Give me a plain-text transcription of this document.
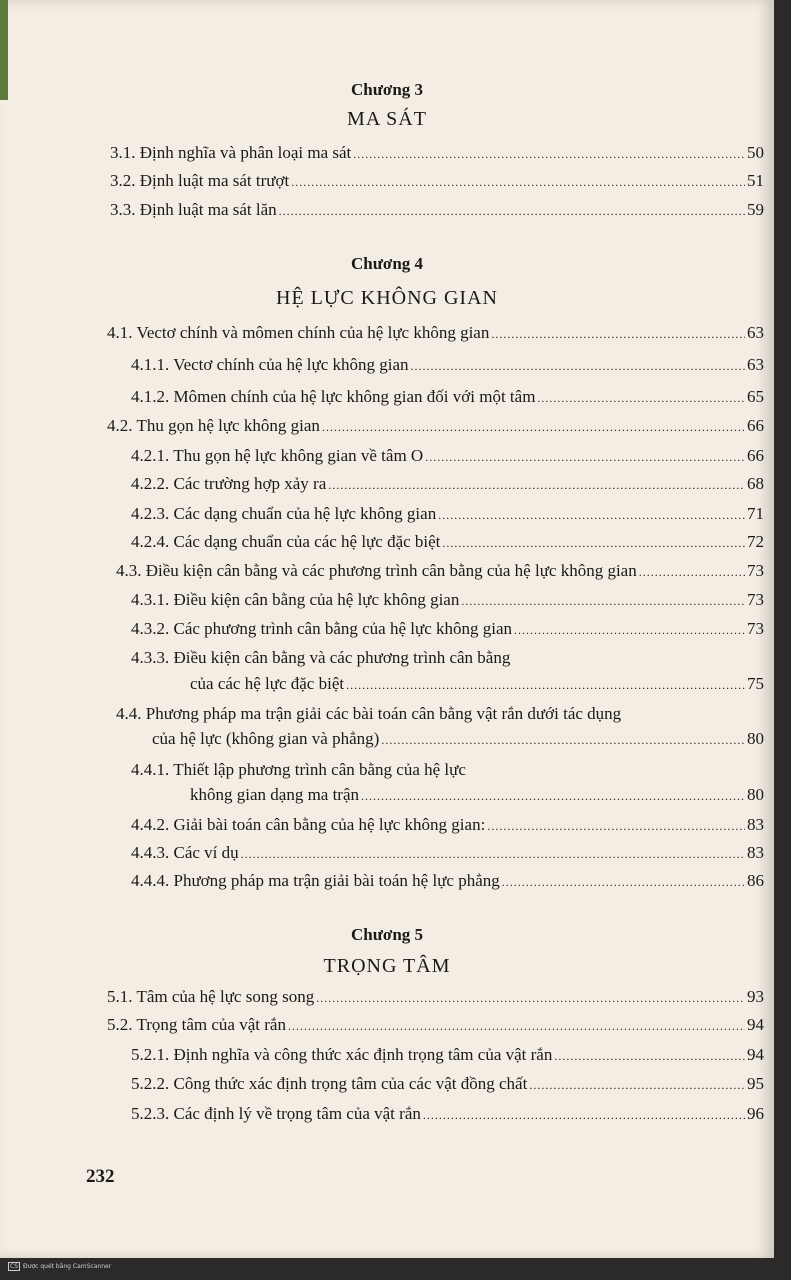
Chương 3
MA SÁT
3.1. Định nghĩa và phân loại ma sát .....	50
3.2. Định luật ma sát trượt .....	51
3.3. Định luật ma sát lăn .....	59
Chương 4
HỆ LỰC KHÔNG GIAN
4.1. Vectơ chính và mômen chính của hệ lực không gian .....	63
4.1.1. Vectơ chính của hệ lực không gian .....	63
4.1.2. Mômen chính của hệ lực không gian đối với một tâm .....	65
4.2. Thu gọn hệ lực không gian .....	66
4.2.1. Thu gọn hệ lực không gian về tâm O .....	66
4.2.2. Các trường hợp xảy ra .....	68
4.2.3. Các dạng chuẩn của hệ lực không gian .....	71
4.2.4. Các dạng chuẩn của các hệ lực đặc biệt .....	72
4.3. Điều kiện cân bằng và các phương trình cân bằng của hệ lực không gian .....	73
4.3.1. Điều kiện cân bằng của hệ lực không gian .....	73
4.3.2. Các phương trình cân bằng của hệ lực không gian .....	73
4.3.3. Điều kiện cân bằng và các phương trình cân bằng
của các hệ lực đặc biệt .....	75
4.4. Phương pháp ma trận giải các bài toán cân bằng vật rắn dưới tác dụng
của hệ lực (không gian và phẳng) .....	80
4.4.1. Thiết lập phương trình cân bằng của hệ lực
không gian dạng ma trận .....	80
4.4.2. Giải bài toán cân bằng của hệ lực không gian: .....	83
4.4.3. Các ví dụ .....	83
4.4.4. Phương pháp ma trận giải bài toán hệ lực phẳng .....	86
Chương 5
TRỌNG TÂM
5.1. Tâm của hệ lực song song .....	93
5.2. Trọng tâm của vật rắn .....	94
5.2.1. Định nghĩa và công thức xác định trọng tâm của vật rắn .....	94
5.2.2. Công thức xác định trọng tâm của các vật đồng chất .....	95
5.2.3. Các định lý về trọng tâm của vật rắn .....	96
232
CS Được quét bằng CamScanner
